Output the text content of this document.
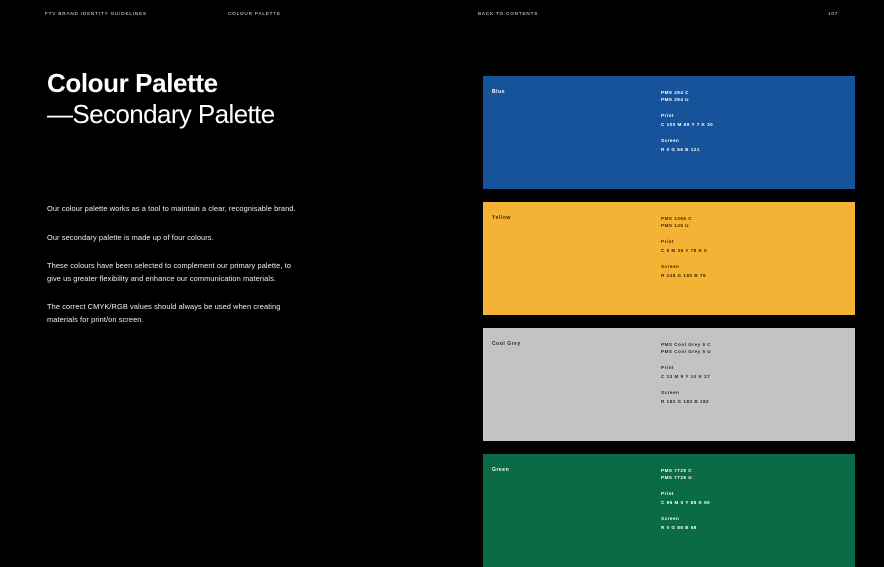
FTV BRAND IDENTITY GUIDELINES	COLOUR PALETTE	BACK TO CONTENTS	107
Colour Palette
—Secondary Palette

Our colour palette works as a tool to maintain a clear, recognisable brand.

Our secondary palette is made up of four colours.

These colours have been selected to complement our primary palette, to give us greater flexibility and enhance our communication materials.

The correct CMYK/RGB values should always be used when creating materials for print/on screen.

Blue	PMS 294 C
PMS 294 U
Print
C 100 M 69 Y 7 K 30
Screen
R 0 G 66 B 121
Yellow	PMS 1365 C
PMS 135 U
Print
C 0 M 35 Y 78 K 0
Screen
R 248 G 180 B 76
Cool Grey	PMS Cool Grey 5 C
PMS Cool Grey 5 U
Print
C 13 M 9 Y 10 K 27
Screen
R 182 G 183 B 182
Green	PMS 7729 C
PMS 7729 U
Print
C 96 M 0 Y 88 K 50
Screen
R 0 G 88 B 68
